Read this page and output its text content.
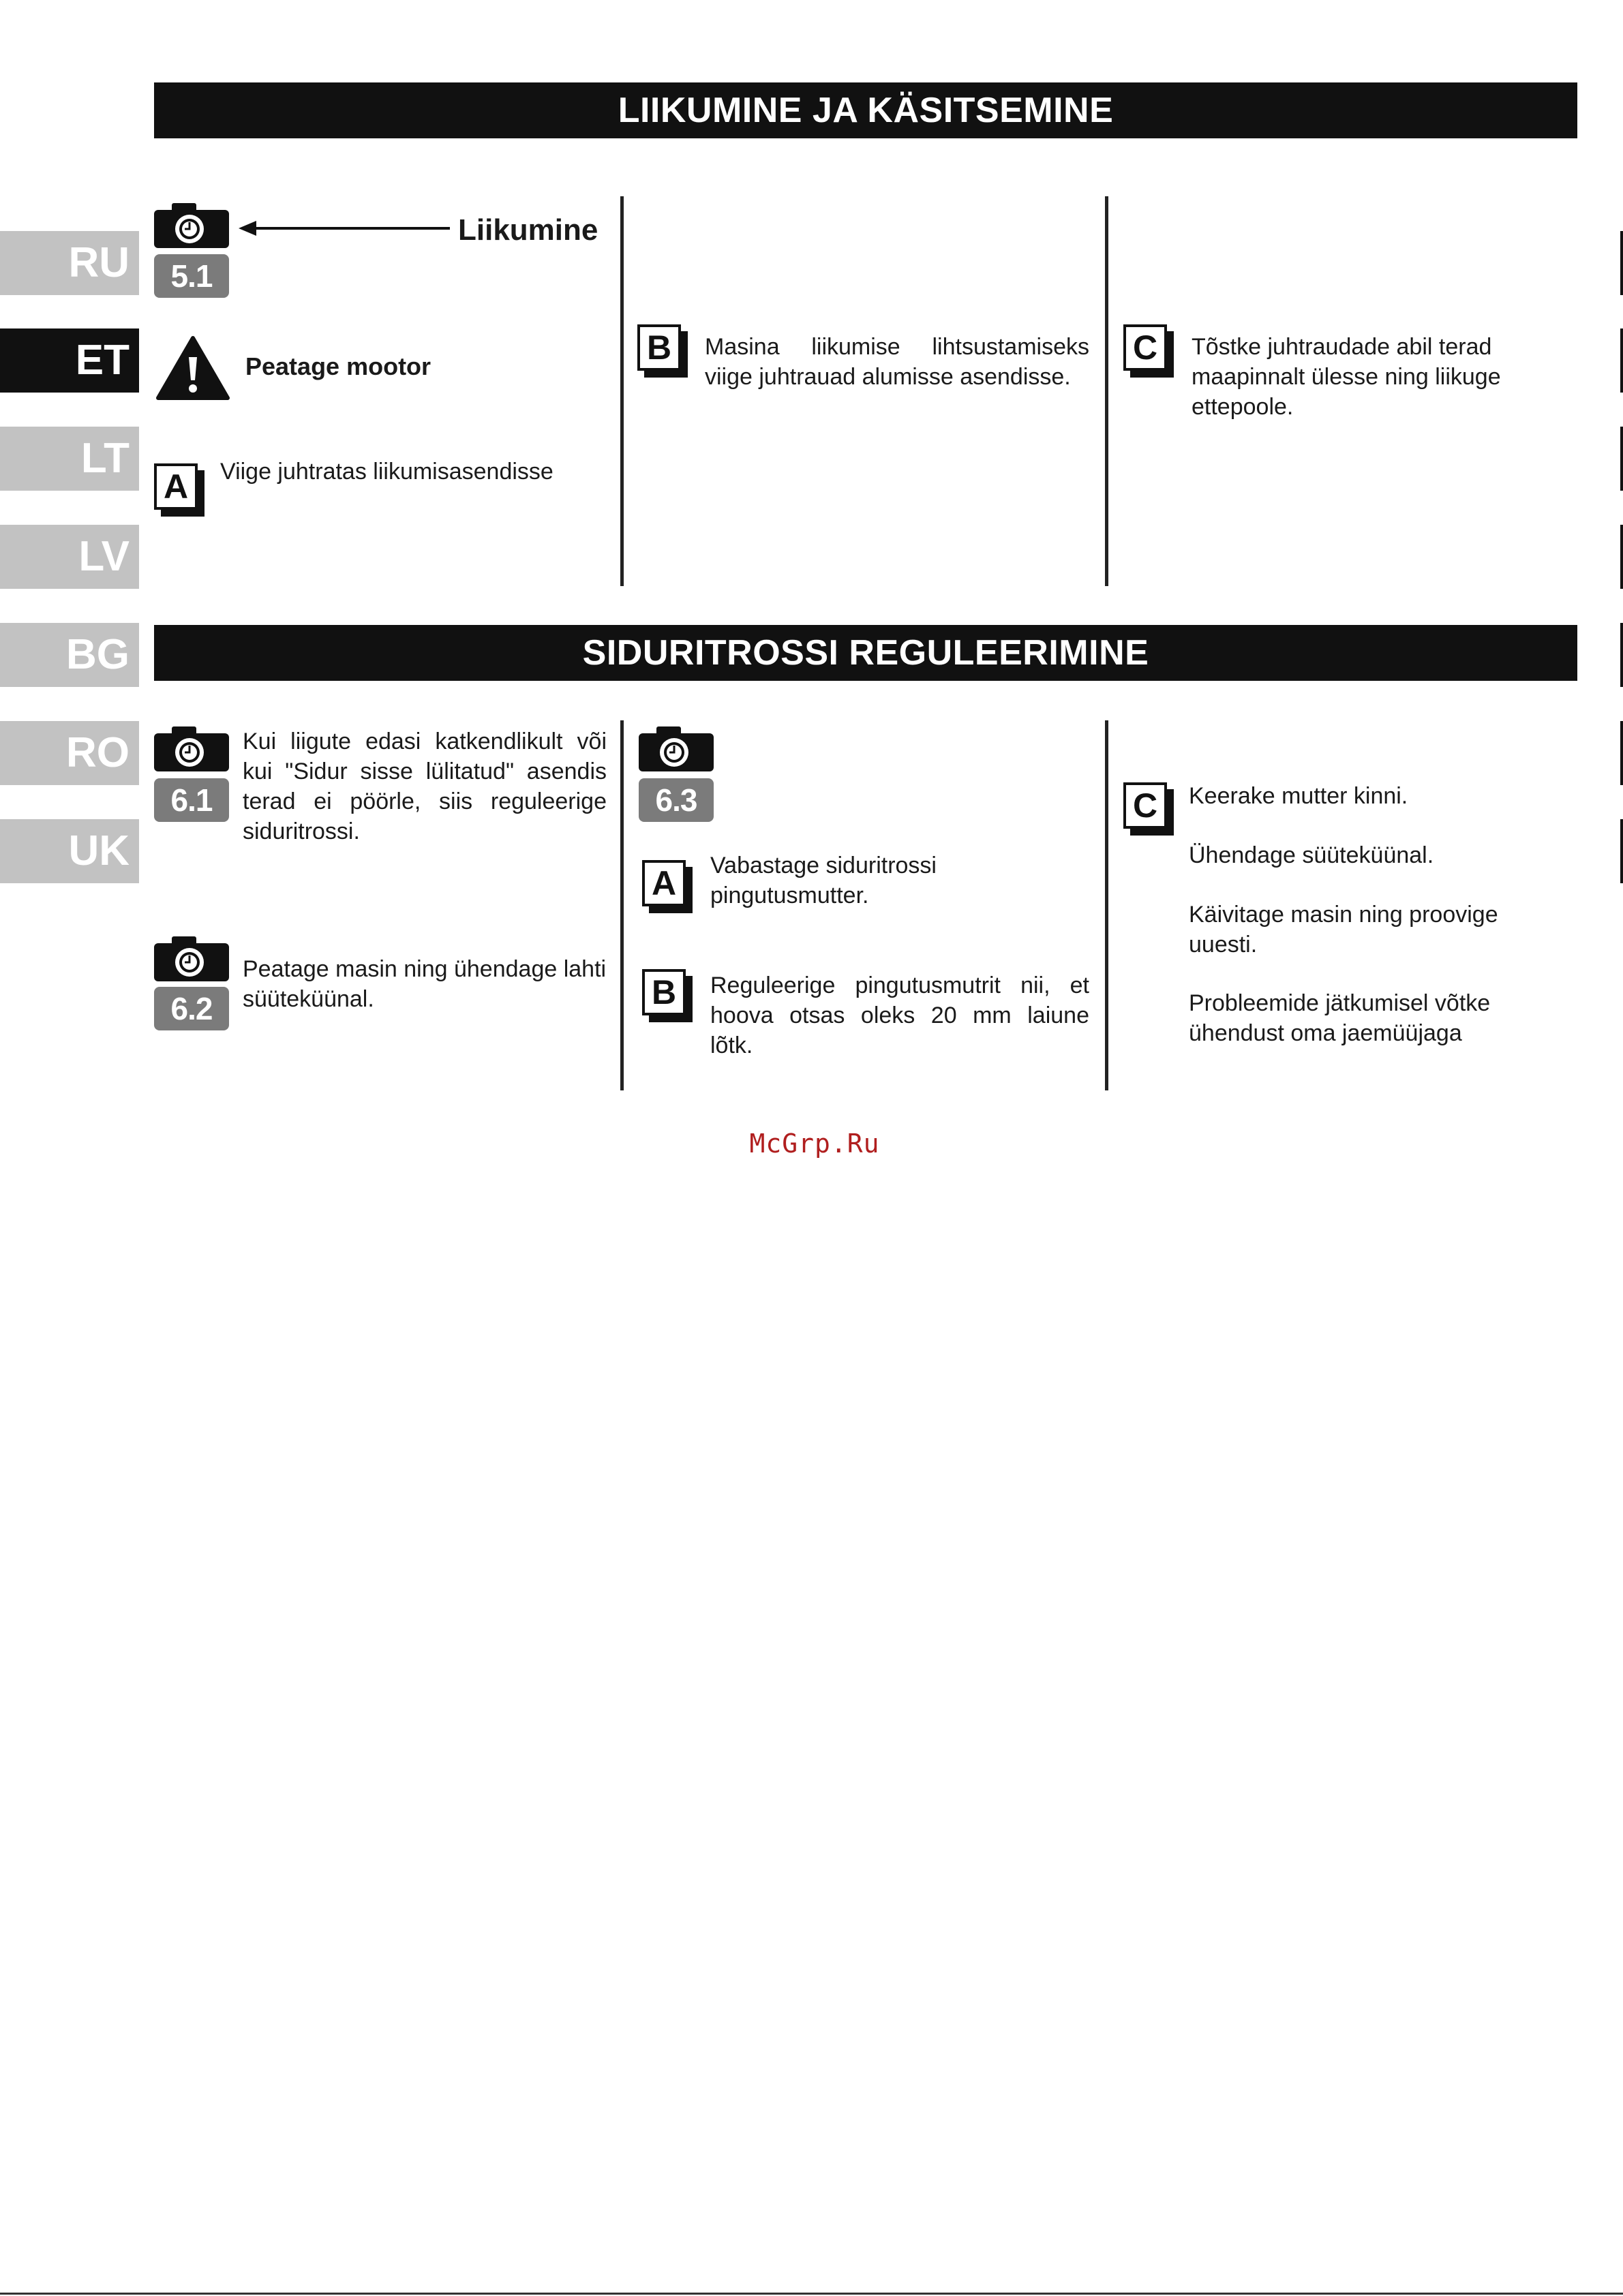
RU
ET
LT
LV
BG
RO
UK
LIIKUMINE JA KÄSITSEMINE
5.1
Liikumine
Peatage mootor
A	Viige juhtratas liikumisasendisse
B	Masina liikumise lihtsustamiseks viige juhtrauad alumisse asendisse.
C	Tõstke juhtraudade abil terad maapinnalt ülesse ning liikuge ettepoole.
SIDURITROSSI REGULEERIMINE
6.1
Kui liigute edasi katkendlikult või kui "Sidur sisse lülitatud" asendis terad ei pöörle, siis reguleerige siduritrossi.
6.2
Peatage masin ning ühendage lahti süüteküünal.
6.3
A	Vabastage siduritrossi pingutusmutter.
B	Reguleerige pingutusmutrit nii, et hoova otsas oleks 20 mm laiune lõtk.
C	Keerake mutter kinni.
Ühendage süüteküünal.
Käivitage masin ning proovige uuesti.
Probleemide jätkumisel võtke ühendust oma jaemüüjaga
McGrp.Ru
